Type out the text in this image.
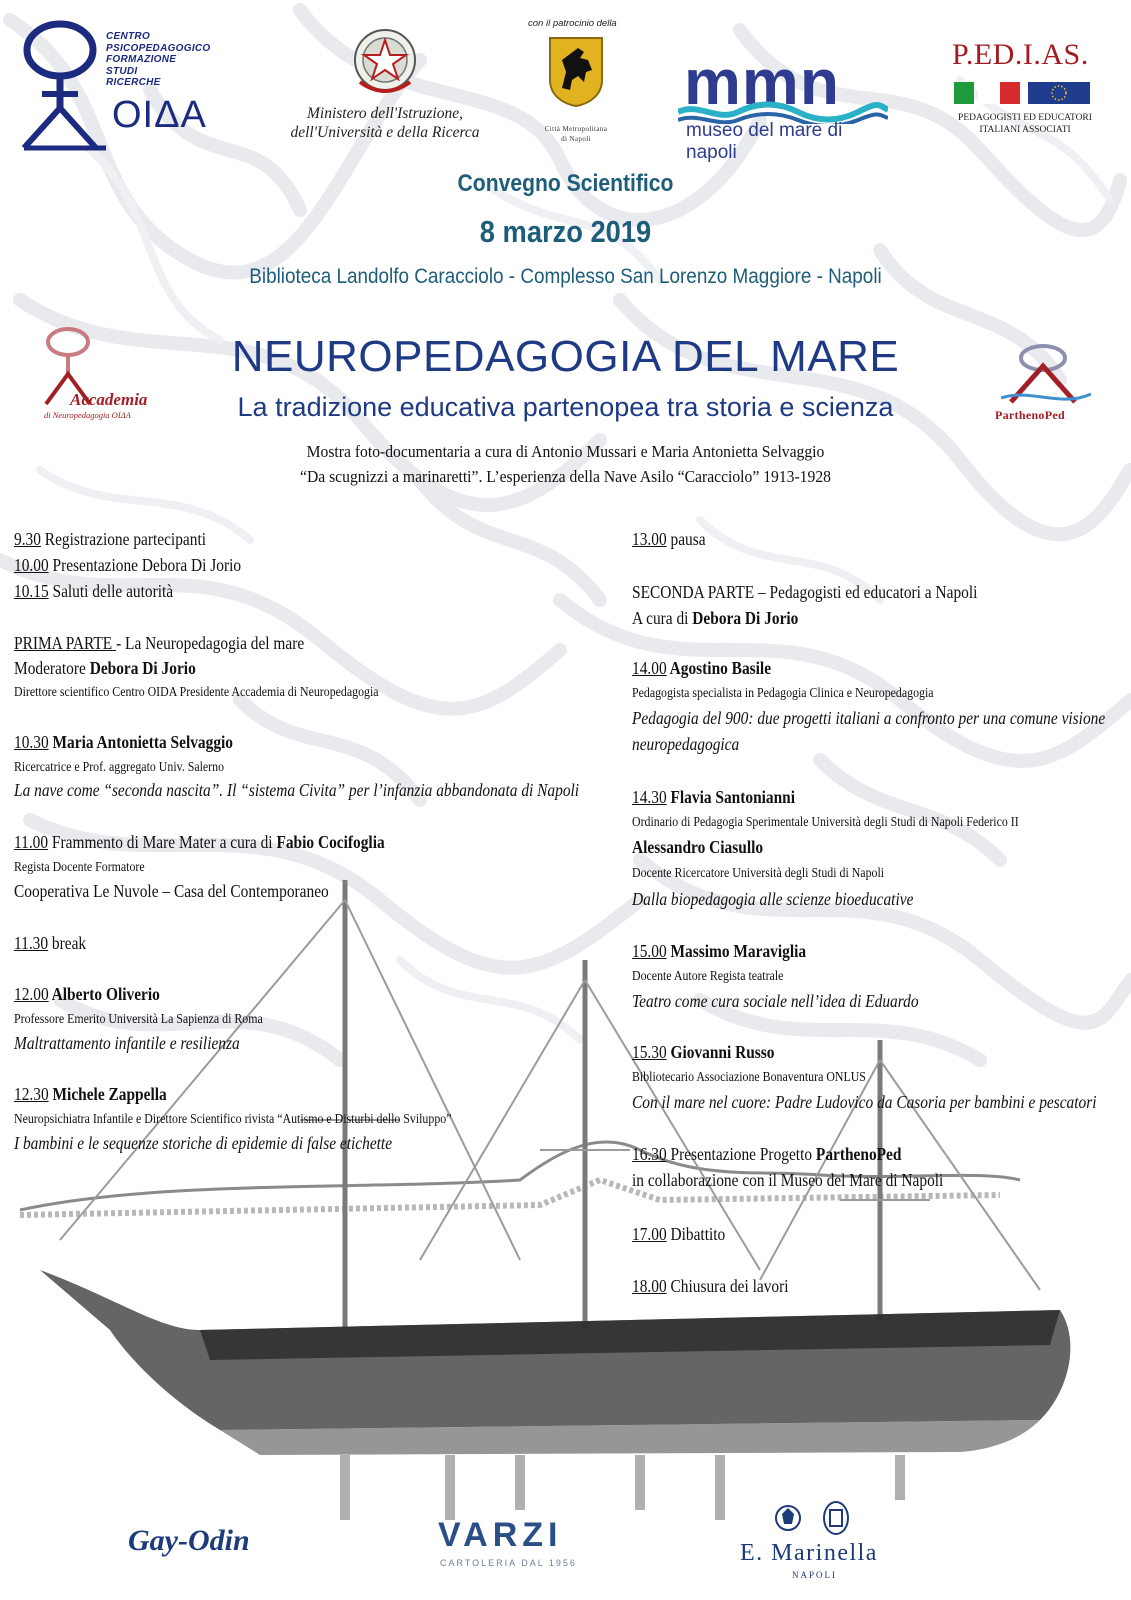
CENTRO
PSICOPEDAGOGICO
FORMAZIONE
STUDI
RICERCHE
OIΔA	Ministero dell'Istruzione,
dell'Università e della Ricerca
con il patrocinio della
Città Metropolitana
di Napoli
mmn
museo del mare di napoli
P.ED.I.AS.
PEDAGOGISTI ED EDUCATORI
ITALIANI ASSOCIATI
Convegno Scientifico
8 marzo 2019
Biblioteca Landolfo Caracciolo - Complesso San Lorenzo Maggiore - Napoli
Accademia
di Neuropedagogia OIΔA
NEUROPEDAGOGIA DEL MARE
La tradizione educativa partenopea tra storia e scienza	ParthenoPed
Mostra foto-documentaria a cura di Antonio Mussari e Maria Antonietta Selvaggio
“Da scugnizzi a marinaretti”. L’esperienza della Nave Asilo “Caracciolo” 1913-1928
9.30 Registrazione partecipanti
10.00 Presentazione Debora Di Jorio
10.15 Saluti delle autorità
PRIMA PARTE - La Neuropedagogia del mare
Moderatore Debora Di Jorio
Direttore scientifico Centro OIDA Presidente Accademia di Neuropedagogia
10.30 Maria Antonietta Selvaggio
Ricercatrice e Prof. aggregato Univ. Salerno
La nave come “seconda nascita”. Il “sistema Civita” per l’infanzia abbandonata di Napoli
11.00 Frammento di Mare Mater a cura di Fabio Cocifoglia
Regista Docente Formatore
Cooperativa Le Nuvole – Casa del Contemporaneo
11.30 break
12.00 Alberto Oliverio
Professore Emerito Università La Sapienza di Roma
Maltrattamento infantile e resilienza
12.30 Michele Zappella
Neuropsichiatra Infantile e Direttore Scientifico rivista “Autismo e Disturbi dello Sviluppo”
I bambini e le sequenze storiche di epidemie di false etichette
13.00 pausa
SECONDA PARTE – Pedagogisti ed educatori a Napoli
A cura di Debora Di Jorio
14.00 Agostino Basile
Pedagogista specialista in Pedagogia Clinica e Neuropedagogia
Pedagogia del 900: due progetti italiani a confronto per una comune visione
neuropedagogica
14.30 Flavia Santonianni
Ordinario di Pedagogia Sperimentale Università degli Studi di Napoli Federico II
Alessandro Ciasullo
Docente Ricercatore Università degli Studi di Napoli
Dalla biopedagogia alle scienze bioeducative
15.00 Massimo Maraviglia
Docente Autore Regista teatrale
Teatro come cura sociale nell’idea di Eduardo
15.30 Giovanni Russo
Bibliotecario Associazione Bonaventura ONLUS
Con il mare nel cuore: Padre Ludovico da Casoria per bambini e pescatori
16.30 Presentazione Progetto ParthenoPed
in collaborazione con il Museo del Mare di Napoli
17.00 Dibattito
18.00 Chiusura dei lavori
Gay-Odin	VARZI
CARTOLERIA DAL 1956	E. Marinella
NAPOLI
